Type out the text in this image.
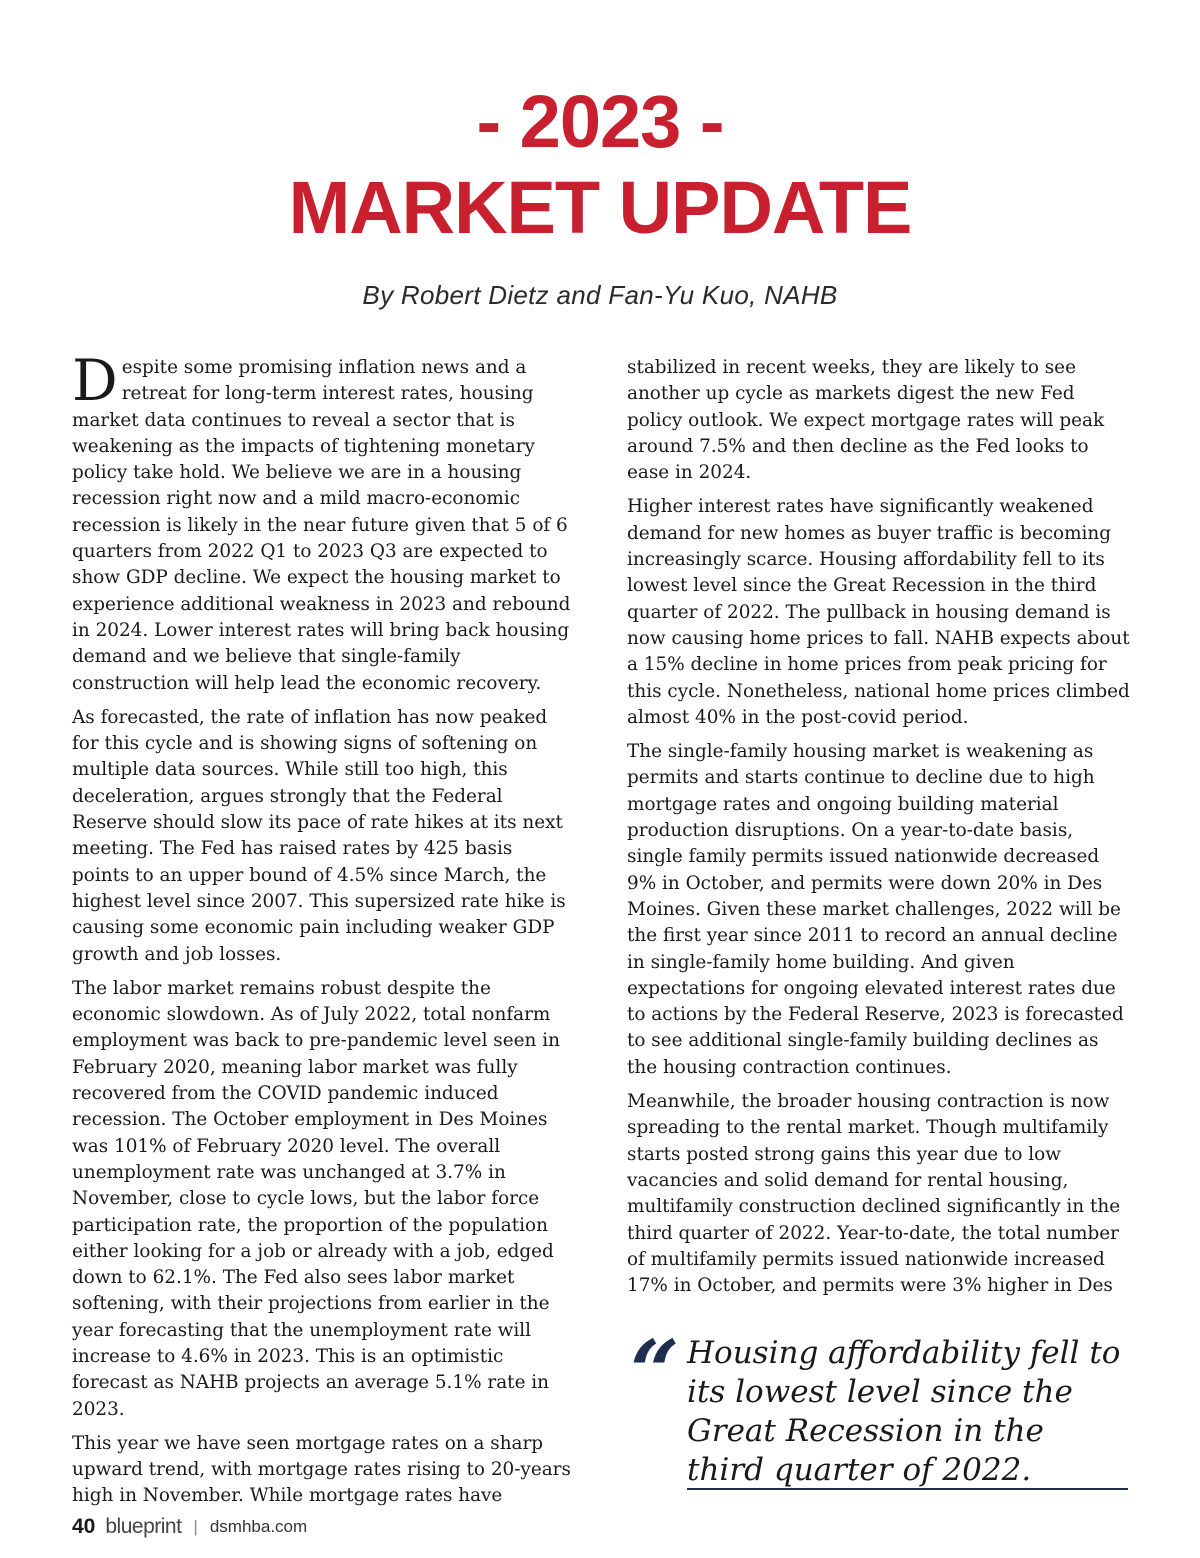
- 2023 -
MARKET UPDATE
By Robert Dietz and Fan-Yu Kuo, NAHB

Despite some promising inflation news and a retreat for long-term interest rates, housing market data continues to reveal a sector that is weakening as the impacts of tightening monetary policy take hold. We believe we are in a housing recession right now and a mild macro-economic recession is likely in the near future given that 5 of 6 quarters from 2022 Q1 to 2023 Q3 are expected to show GDP decline. We expect the housing market to experience additional weakness in 2023 and rebound in 2024. Lower interest rates will bring back housing demand and we believe that single-family construction will help lead the economic recovery.

As forecasted, the rate of inflation has now peaked for this cycle and is showing signs of softening on multiple data sources. While still too high, this deceleration, argues strongly that the Federal Reserve should slow its pace of rate hikes at its next meeting. The Fed has raised rates by 425 basis points to an upper bound of 4.5% since March, the highest level since 2007. This supersized rate hike is causing some economic pain including weaker GDP growth and job losses.

The labor market remains robust despite the economic slowdown. As of July 2022, total nonfarm employment was back to pre-pandemic level seen in February 2020, meaning labor market was fully recovered from the COVID pandemic induced recession. The October employment in Des Moines was 101% of February 2020 level. The overall unemployment rate was unchanged at 3.7% in November, close to cycle lows, but the labor force participation rate, the proportion of the population either looking for a job or already with a job, edged down to 62.1%. The Fed also sees labor market softening, with their projections from earlier in the year forecasting that the unemployment rate will increase to 4.6% in 2023. This is an optimistic forecast as NAHB projects an average 5.1% rate in 2023.

This year we have seen mortgage rates on a sharp upward trend, with mortgage rates rising to 20-years high in November. While mortgage rates have

stabilized in recent weeks, they are likely to see another up cycle as markets digest the new Fed policy outlook. We expect mortgage rates will peak around 7.5% and then decline as the Fed looks to ease in 2024.

Higher interest rates have significantly weakened demand for new homes as buyer traffic is becoming increasingly scarce. Housing affordability fell to its lowest level since the Great Recession in the third quarter of 2022. The pullback in housing demand is now causing home prices to fall. NAHB expects about a 15% decline in home prices from peak pricing for this cycle. Nonetheless, national home prices climbed almost 40% in the post-covid period.

The single-family housing market is weakening as permits and starts continue to decline due to high mortgage rates and ongoing building material production disruptions. On a year-to-date basis, single family permits issued nationwide decreased 9% in October, and permits were down 20% in Des Moines. Given these market challenges, 2022 will be the first year since 2011 to record an annual decline in single-family home building. And given expectations for ongoing elevated interest rates due to actions by the Federal Reserve, 2023 is forecasted to see additional single-family building declines as the housing contraction continues.

Meanwhile, the broader housing contraction is now spreading to the rental market. Though multifamily starts posted strong gains this year due to low vacancies and solid demand for rental housing, multifamily construction declined significantly in the third quarter of 2022. Year-to-date, the total number of multifamily permits issued nationwide increased 17% in October, and permits were 3% higher in Des

“ Housing affordability fell to its lowest level since the Great Recession in the third quarter of 2022.
40 blueprint | dsmhba.com
